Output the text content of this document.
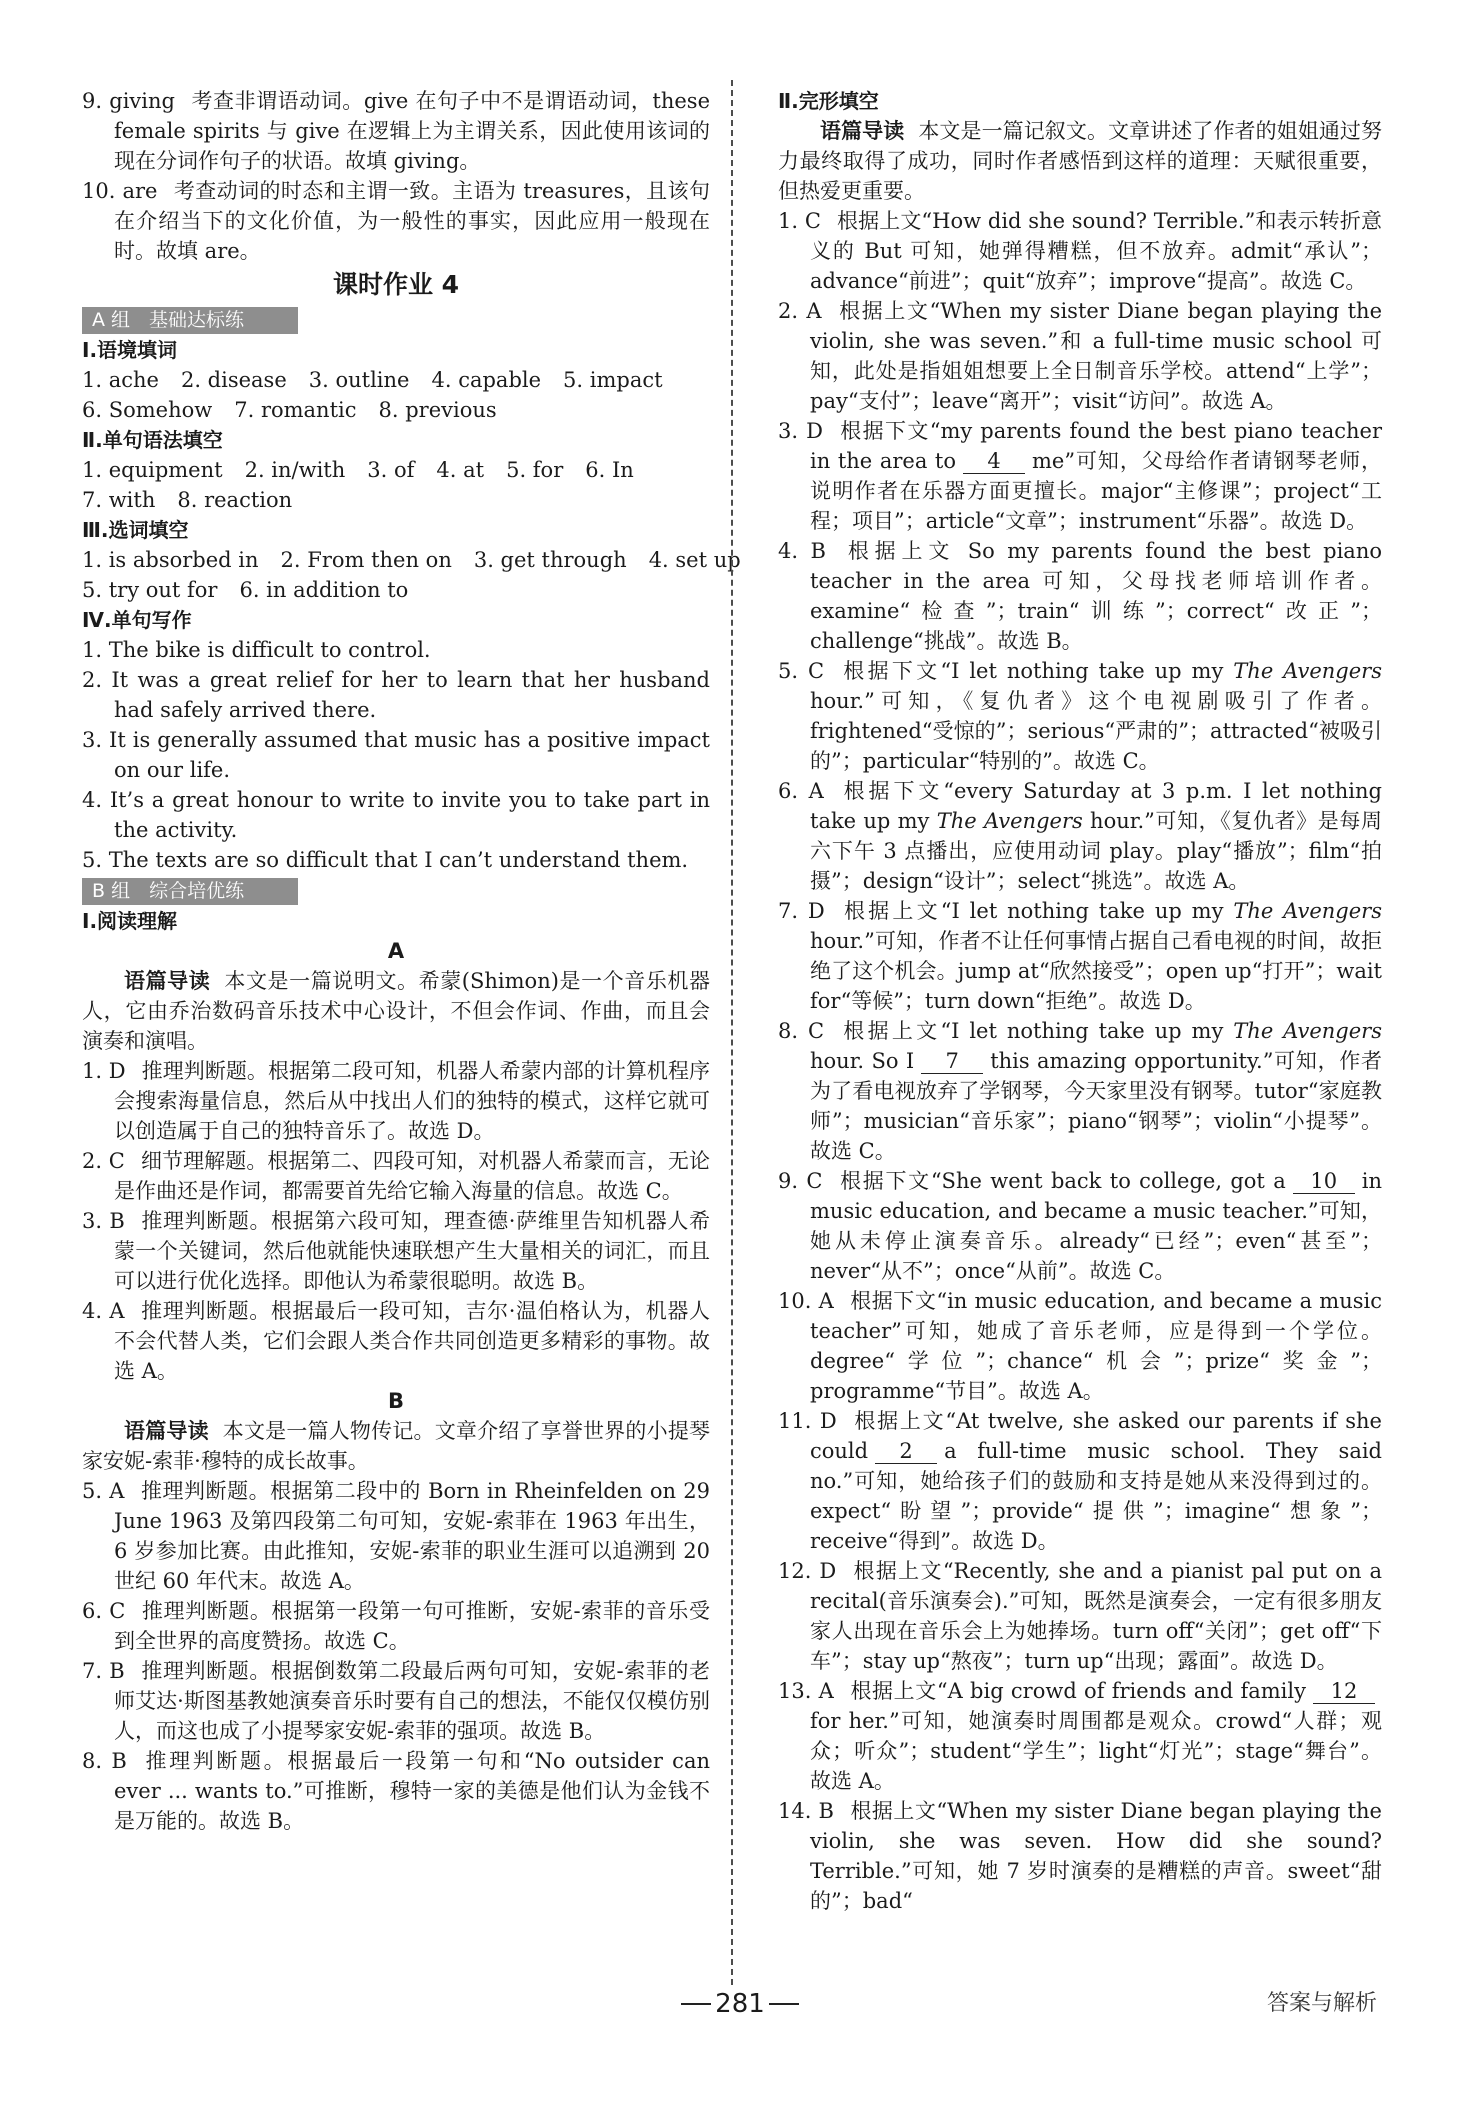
9. giving 考查非谓语动词。give 在句子中不是谓语动词，these female spirits 与 give 在逻辑上为主谓关系，因此使用该词的现在分词作句子的状语。故填 giving。

10. are 考查动词的时态和主谓一致。主语为 treasures，且该句在介绍当下的文化价值，为一般性的事实，因此应用一般现在时。故填 are。

课时作业 4

A 组　基础达标练

Ⅰ.语境填词

1. ache 2. disease 3. outline 4. capable 5. impact

6. Somehow 7. romantic 8. previous

Ⅱ.单句语法填空

1. equipment 2. in/with 3. of 4. at 5. for 6. In

7. with 8. reaction

Ⅲ.选词填空

1. is absorbed in 2. From then on 3. get through 4. set up

5. try out for 6. in addition to

Ⅳ.单句写作

1. The bike is difficult to control.

2. It was a great relief for her to learn that her husband had safely arrived there.

3. It is generally assumed that music has a positive impact on our life.

4. It’s a great honour to write to invite you to take part in the activity.

5. The texts are so difficult that I can’t understand them.

B 组　综合培优练

Ⅰ.阅读理解

A

语篇导读 本文是一篇说明文。希蒙(Shimon)是一个音乐机器人，它由乔治数码音乐技术中心设计，不但会作词、作曲，而且会演奏和演唱。

1. D 推理判断题。根据第二段可知，机器人希蒙内部的计算机程序会搜索海量信息，然后从中找出人们的独特的模式，这样它就可以创造属于自己的独特音乐了。故选 D。

2. C 细节理解题。根据第二、四段可知，对机器人希蒙而言，无论是作曲还是作词，都需要首先给它输入海量的信息。故选 C。

3. B 推理判断题。根据第六段可知，理查德·萨维里告知机器人希蒙一个关键词，然后他就能快速联想产生大量相关的词汇，而且可以进行优化选择。即他认为希蒙很聪明。故选 B。

4. A 推理判断题。根据最后一段可知，吉尔·温伯格认为，机器人不会代替人类，它们会跟人类合作共同创造更多精彩的事物。故选 A。

B

语篇导读 本文是一篇人物传记。文章介绍了享誉世界的小提琴家安妮-索菲·穆特的成长故事。

5. A 推理判断题。根据第二段中的 Born in Rheinfelden on 29 June 1963 及第四段第二句可知，安妮-索菲在 1963 年出生，6 岁参加比赛。由此推知，安妮-索菲的职业生涯可以追溯到 20 世纪 60 年代末。故选 A。

6. C 推理判断题。根据第一段第一句可推断，安妮-索菲的音乐受到全世界的高度赞扬。故选 C。

7. B 推理判断题。根据倒数第二段最后两句可知，安妮-索菲的老师艾达·斯图基教她演奏音乐时要有自己的想法，不能仅仅模仿别人，而这也成了小提琴家安妮-索菲的强项。故选 B。

8. B 推理判断题。根据最后一段第一句和“No outsider can ever ... wants to.”可推断，穆特一家的美德是他们认为金钱不是万能的。故选 B。

Ⅱ.完形填空

语篇导读 本文是一篇记叙文。文章讲述了作者的姐姐通过努力最终取得了成功，同时作者感悟到这样的道理：天赋很重要，但热爱更重要。

1. C 根据上文“How did she sound? Terrible.”和表示转折意义的 But 可知，她弹得糟糕，但不放弃。admit“承认”；advance“前进”；quit“放弃”；improve“提高”。故选 C。

2. A 根据上文“When my sister Diane began playing the violin, she was seven.”和 a full-time music school 可知，此处是指姐姐想要上全日制音乐学校。attend“上学”；pay“支付”；leave“离开”；visit“访问”。故选 A。

3. D 根据下文“my parents found the best piano teacher in the area to 4 me”可知，父母给作者请钢琴老师，说明作者在乐器方面更擅长。major“主修课”；project“工程；项目”；article“文章”；instrument“乐器”。故选 D。

4. B 根据上文 So my parents found the best piano teacher in the area 可知，父母找老师培训作者。examine“检查”；train“训练”；correct“改正”；challenge“挑战”。故选 B。

5. C 根据下文“I let nothing take up my The Avengers hour.”可知，《复仇者》这个电视剧吸引了作者。frightened“受惊的”；serious“严肃的”；attracted“被吸引的”；particular“特别的”。故选 C。

6. A 根据下文“every Saturday at 3 p.m. I let nothing take up my The Avengers hour.”可知，《复仇者》是每周六下午 3 点播出，应使用动词 play。play“播放”；film“拍摄”；design“设计”；select“挑选”。故选 A。

7. D 根据上文“I let nothing take up my The Avengers hour.”可知，作者不让任何事情占据自己看电视的时间，故拒绝了这个机会。jump at“欣然接受”；open up“打开”；wait for“等候”；turn down“拒绝”。故选 D。

8. C 根据上文“I let nothing take up my The Avengers hour. So I 7 this amazing opportunity.”可知，作者为了看电视放弃了学钢琴，今天家里没有钢琴。tutor“家庭教师”；musician“音乐家”；piano“钢琴”；violin“小提琴”。故选 C。

9. C 根据下文“She went back to college, got a 10 in music education, and became a music teacher.”可知，她从未停止演奏音乐。already“已经”；even“甚至”；never“从不”；once“从前”。故选 C。

10. A 根据下文“in music education, and became a music teacher”可知，她成了音乐老师，应是得到一个学位。degree“学位”；chance“机会”；prize“奖金”；programme“节目”。故选 A。

11. D 根据上文“At twelve, she asked our parents if she could 2 a full-time music school. They said no.”可知，她给孩子们的鼓励和支持是她从来没得到过的。expect“盼望”；provide“提供”；imagine“想象”；receive“得到”。故选 D。

12. D 根据上文“Recently, she and a pianist pal put on a recital(音乐演奏会).”可知，既然是演奏会，一定有很多朋友家人出现在音乐会上为她捧场。turn off“关闭”；get off“下车”；stay up“熬夜”；turn up“出现；露面”。故选 D。

13. A 根据上文“A big crowd of friends and family 12for her.”可知，她演奏时周围都是观众。crowd“人群；观众；听众”；student“学生”；light“灯光”；stage“舞台”。故选 A。

14. B 根据上文“When my sister Diane began playing the violin, she was seven. How did she sound? Terrible.”可知，她 7 岁时演奏的是糟糕的声音。sweet“甜的”；bad“

281	答案与解析
